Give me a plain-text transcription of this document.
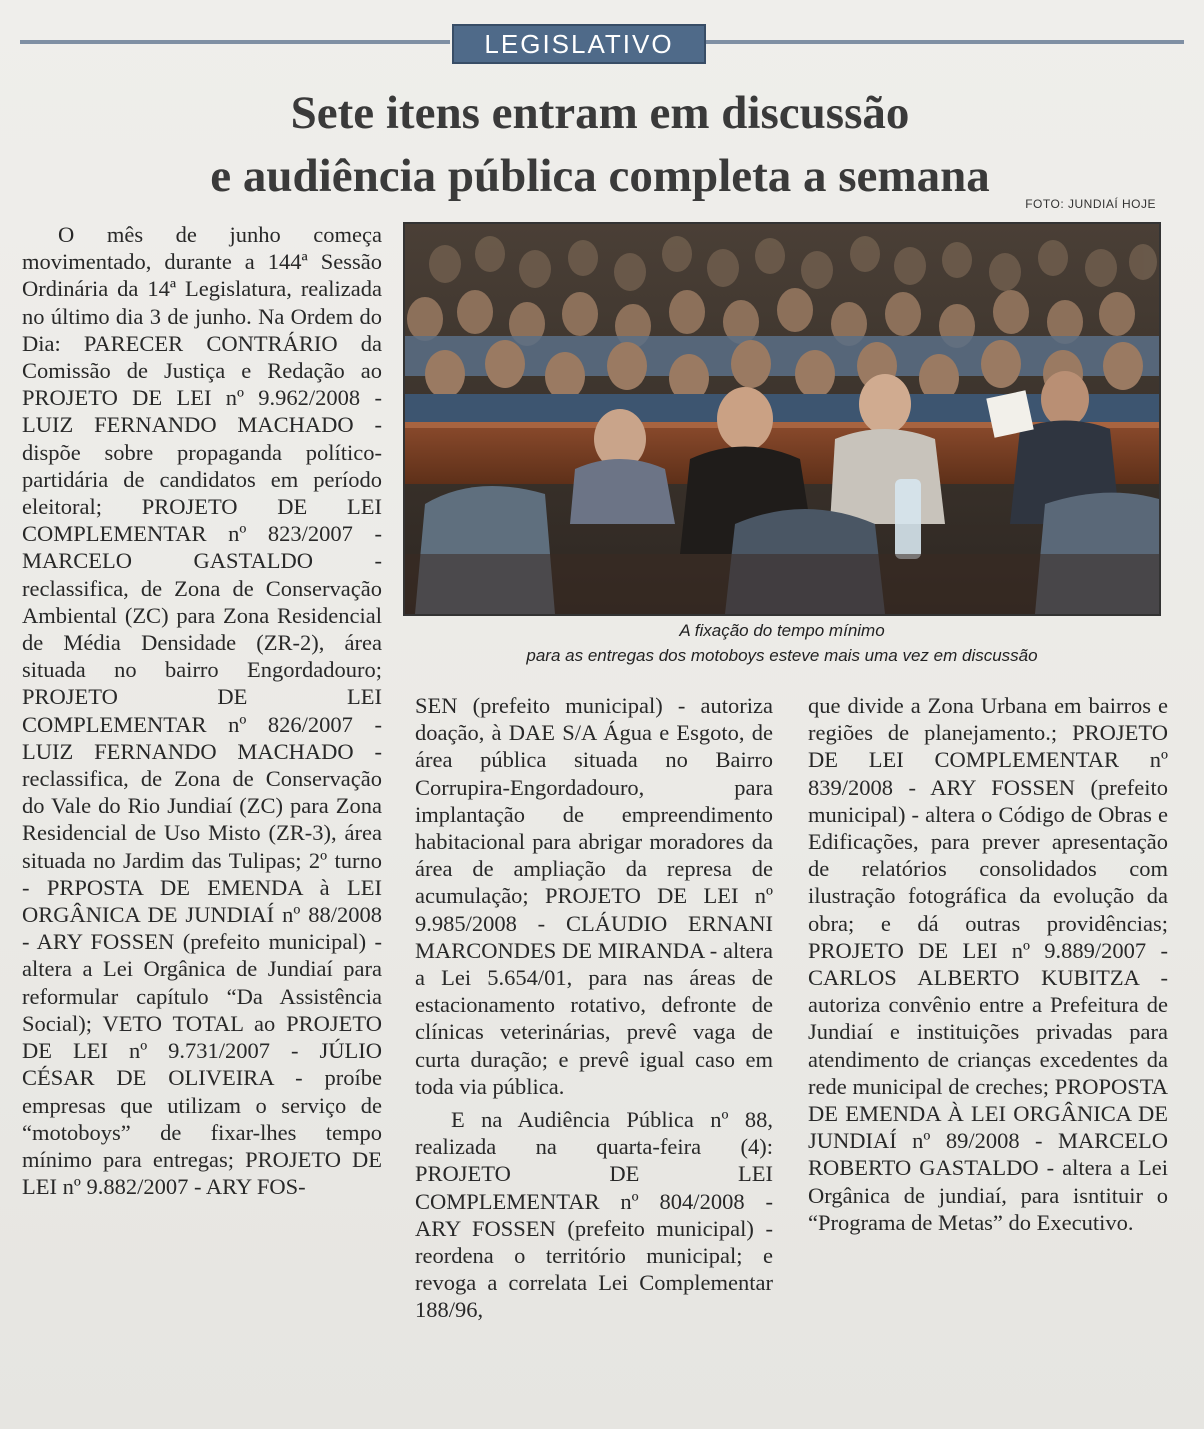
LEGISLATIVO
Sete itens entram em discussão
e audiência pública completa a semana
FOTO: JUNDIAÍ HOJE
A fixação do tempo mínimo
para as entregas dos motoboys esteve mais uma vez em discussão

O mês de junho começa movimentado, durante a 144ª Sessão Ordinária da 14ª Legislatura, realizada no último dia 3 de junho. Na Ordem do Dia: PARECER CONTRÁRIO da Comissão de Justiça e Redação ao PROJETO DE LEI nº 9.962/2008 - LUIZ FERNANDO MACHADO - dispõe sobre propaganda político-partidária de candidatos em período eleitoral; PROJETO DE LEI COMPLEMENTAR nº 823/2007 - MARCELO GASTALDO - reclassifica, de Zona de Conservação Ambiental (ZC) para Zona Residencial de Média Densidade (ZR-2), área situada no bairro Engordadouro; PROJETO DE LEI COMPLEMENTAR nº 826/2007 - LUIZ FERNANDO MACHADO - reclassifica, de Zona de Conservação do Vale do Rio Jundiaí (ZC) para Zona Residencial de Uso Misto (ZR-3), área situada no Jardim das Tulipas; 2º turno - PRPOSTA DE EMENDA à LEI ORGÂNICA DE JUNDIAÍ nº 88/2008 - ARY FOSSEN (prefeito municipal) - altera a Lei Orgânica de Jundiaí para reformular capítulo “Da Assistência Social); VETO TOTAL ao PROJETO DE LEI nº 9.731/2007 - JÚLIO CÉSAR DE OLIVEIRA - proíbe empresas que utilizam o serviço de “motoboys” de fixar-lhes tempo mínimo para entregas; PROJETO DE LEI nº 9.882/2007 - ARY FOS-

SEN (prefeito municipal) - autoriza doação, à DAE S/A Água e Esgoto, de área pública situada no Bairro Corrupira-Engordadouro, para implantação de empreendimento habitacional para abrigar moradores da área de ampliação da represa de acumulação; PROJETO DE LEI nº 9.985/2008 - CLÁUDIO ERNANI MARCONDES DE MIRANDA - altera a Lei 5.654/01, para nas áreas de estacionamento rotativo, defronte de clínicas veterinárias, prevê vaga de curta duração; e prevê igual caso em toda via pública.

E na Audiência Pública nº 88, realizada na quarta-feira (4): PROJETO DE LEI COMPLEMENTAR nº 804/2008 - ARY FOSSEN (prefeito municipal) - reordena o território municipal; e revoga a correlata Lei Complementar 188/96,

que divide a Zona Urbana em bairros e regiões de planejamento.; PROJETO DE LEI COMPLEMENTAR nº 839/2008 - ARY FOSSEN (prefeito municipal) - altera o Código de Obras e Edificações, para prever apresentação de relatórios consolidados com ilustração fotográfica da evolução da obra; e dá outras providências; PROJETO DE LEI nº 9.889/2007 - CARLOS ALBERTO KUBITZA - autoriza convênio entre a Prefeitura de Jundiaí e instituições privadas para atendimento de crianças excedentes da rede municipal de creches; PROPOSTA DE EMENDA À LEI ORGÂNICA DE JUNDIAÍ nº 89/2008 - MARCELO ROBERTO GASTALDO - altera a Lei Orgânica de jundiaí, para isntituir o “Programa de Metas” do Executivo.
